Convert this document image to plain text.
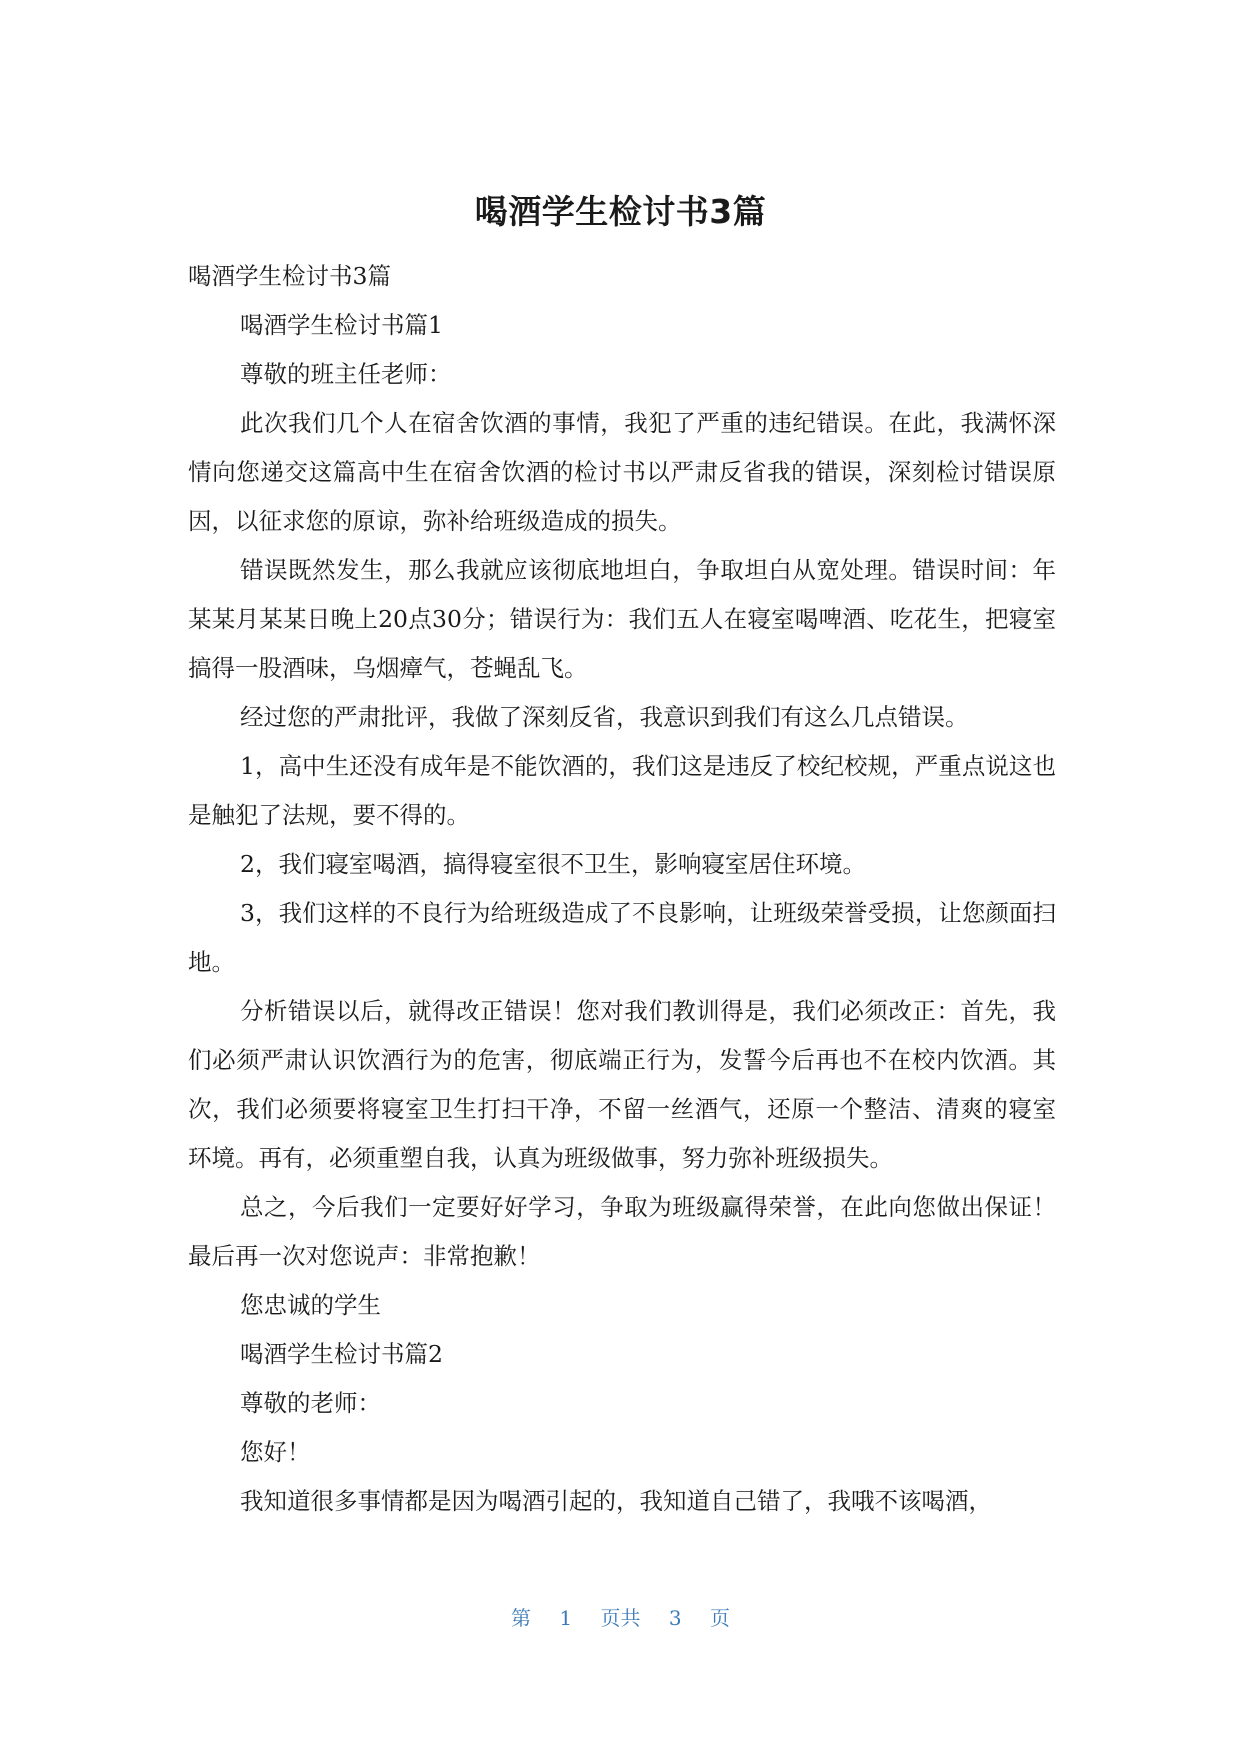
喝酒学生检讨书3篇

喝酒学生检讨书3篇

喝酒学生检讨书篇1

尊敬的班主任老师：

此次我们几个人在宿舍饮酒的事情，我犯了严重的违纪错误。在此，我满怀深情向您递交这篇高中生在宿舍饮酒的检讨书以严肃反省我的错误，深刻检讨错误原因，以征求您的原谅，弥补给班级造成的损失。

错误既然发生，那么我就应该彻底地坦白，争取坦白从宽处理。错误时间：年某某月某某日晚上20点30分；错误行为：我们五人在寝室喝啤酒、吃花生，把寝室搞得一股酒味，乌烟瘴气，苍蝇乱飞。

经过您的严肃批评，我做了深刻反省，我意识到我们有这么几点错误。

1，高中生还没有成年是不能饮酒的，我们这是违反了校纪校规，严重点说这也是触犯了法规，要不得的。

2，我们寝室喝酒，搞得寝室很不卫生，影响寝室居住环境。

3，我们这样的不良行为给班级造成了不良影响，让班级荣誉受损，让您颜面扫地。

分析错误以后，就得改正错误！您对我们教训得是，我们必须改正：首先，我们必须严肃认识饮酒行为的危害，彻底端正行为，发誓今后再也不在校内饮酒。其次，我们必须要将寝室卫生打扫干净，不留一丝酒气，还原一个整洁、清爽的寝室环境。再有，必须重塑自我，认真为班级做事，努力弥补班级损失。

总之，今后我们一定要好好学习，争取为班级赢得荣誉，在此向您做出保证！最后再一次对您说声：非常抱歉！

您忠诚的学生

喝酒学生检讨书篇2

尊敬的老师：

您好！

我知道很多事情都是因为喝酒引起的，我知道自己错了，我哦不该喝酒，

第 1 页共 3 页
